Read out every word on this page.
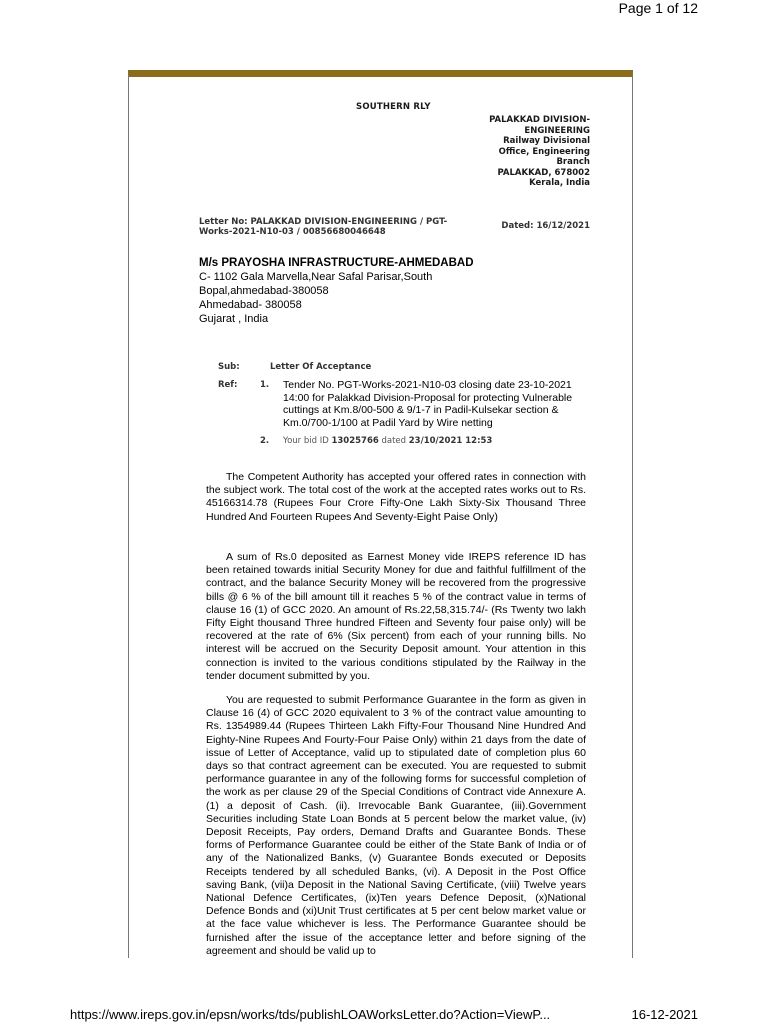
Page 1 of 12
SOUTHERN RLY
PALAKKAD DIVISION-
ENGINEERING
Railway Divisional
Office, Engineering
Branch
PALAKKAD, 678002
Kerala, India
Letter No: PALAKKAD DIVISION-ENGINEERING / PGT-Works-2021-N10-03 / 00856680046648
Dated: 16/12/2021
M/s PRAYOSHA INFRASTRUCTURE-AHMEDABAD
C- 1102 Gala Marvella,Near Safal Parisar,South
Bopal,ahmedabad-380058
Ahmedabad- 380058
Gujarat , India
Sub:	Letter Of Acceptance
Ref:	1. Tender No. PGT-Works-2021-N10-03 closing date 23-10-2021 14:00 for Palakkad Division-Proposal for protecting Vulnerable cuttings at Km.8/00-500 & 9/1-7 in Padil-Kulsekar section & Km.0/700-1/100 at Padil Yard by Wire netting
2. Your bid ID 13025766 dated 23/10/2021 12:53

The Competent Authority has accepted your offered rates in connection with the subject work. The total cost of the work at the accepted rates works out to Rs. 45166314.78 (Rupees Four Crore Fifty-One Lakh Sixty-Six Thousand Three Hundred And Fourteen Rupees And Seventy-Eight Paise Only)

A sum of Rs.0 deposited as Earnest Money vide IREPS reference ID has been retained towards initial Security Money for due and faithful fulfillment of the contract, and the balance Security Money will be recovered from the progressive bills @ 6 % of the bill amount till it reaches 5 % of the contract value in terms of clause 16 (1) of GCC 2020. An amount of Rs.22,58,315.74/- (Rs Twenty two lakh Fifty Eight thousand Three hundred Fifteen and Seventy four paise only) will be recovered at the rate of 6% (Six percent) from each of your running bills. No interest will be accrued on the Security Deposit amount. Your attention in this connection is invited to the various conditions stipulated by the Railway in the tender document submitted by you.

You are requested to submit Performance Guarantee in the form as given in Clause 16 (4) of GCC 2020 equivalent to 3 % of the contract value amounting to Rs. 1354989.44 (Rupees Thirteen Lakh Fifty-Four Thousand Nine Hundred And Eighty-Nine Rupees And Fourty-Four Paise Only) within 21 days from the date of issue of Letter of Acceptance, valid up to stipulated date of completion plus 60 days so that contract agreement can be executed. You are requested to submit performance guarantee in any of the following forms for successful completion of the work as per clause 29 of the Special Conditions of Contract vide Annexure A.(1) a deposit of Cash. (ii). Irrevocable Bank Guarantee, (iii).Government Securities including State Loan Bonds at 5 percent below the market value, (iv) Deposit Receipts, Pay orders, Demand Drafts and Guarantee Bonds. These forms of Performance Guarantee could be either of the State Bank of India or of any of the Nationalized Banks, (v) Guarantee Bonds executed or Deposits Receipts tendered by all scheduled Banks, (vi). A Deposit in the Post Office saving Bank, (vii)a Deposit in the National Saving Certificate, (viii) Twelve years National Defence Certificates, (ix)Ten years Defence Deposit, (x)National Defence Bonds and (xi)Unit Trust certificates at 5 per cent below market value or at the face value whichever is less. The Performance Guarantee should be furnished after the issue of the acceptance letter and before signing of the agreement and should be valid up to

https://www.ireps.gov.in/epsn/works/tds/publishLOAWorksLetter.do?Action=ViewP...	16-12-2021
